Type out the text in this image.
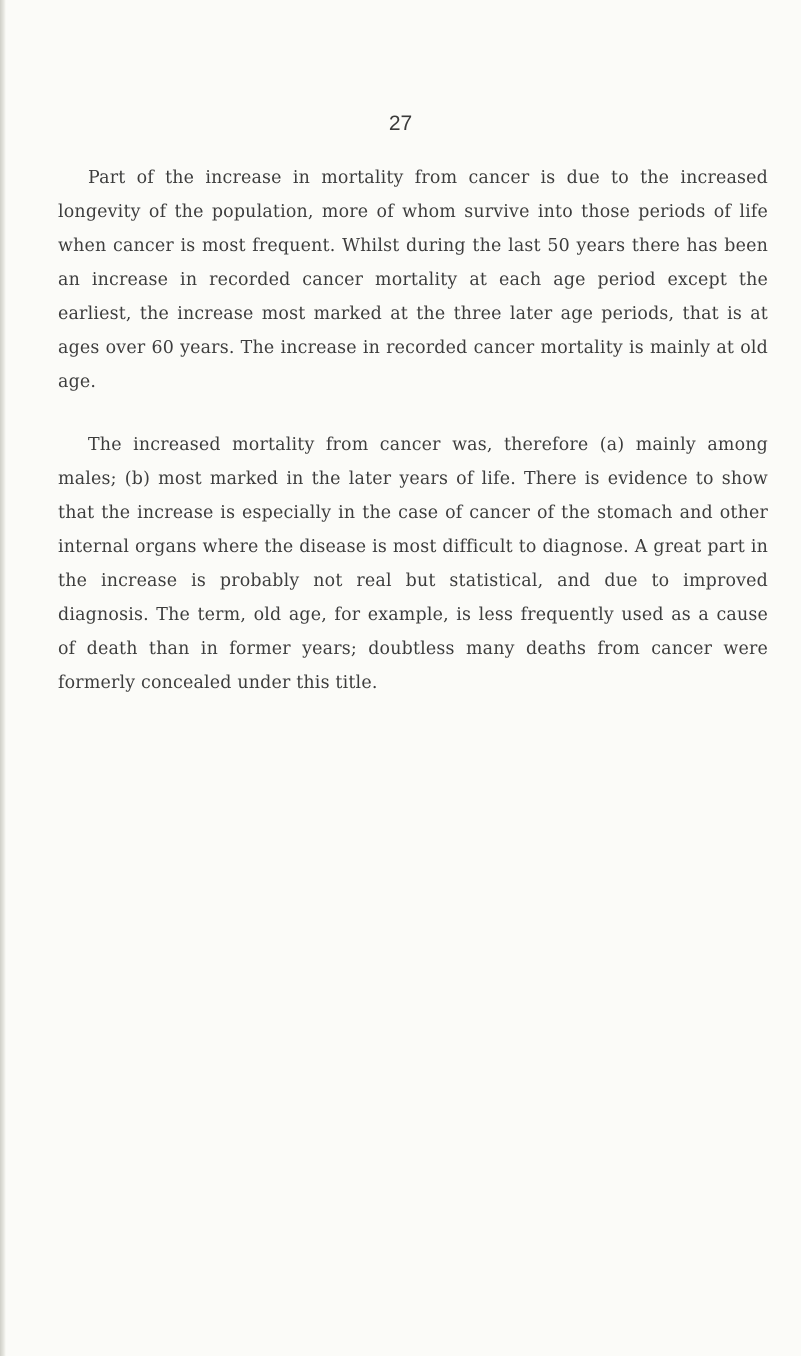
27

Part of the increase in mortality from cancer is due to the increased longevity of the population, more of whom survive into those periods of life when cancer is most frequent. Whilst during the last 50 years there has been an increase in recorded cancer mortality at each age period except the earliest, the increase most marked at the three later age periods, that is at ages over 60 years. The increase in recorded cancer mortality is mainly at old age.

The increased mortality from cancer was, therefore (a) mainly among males; (b) most marked in the later years of life. There is evidence to show that the increase is especially in the case of cancer of the stomach and other internal organs where the disease is most difficult to diagnose. A great part in the increase is probably not real but statistical, and due to improved diagnosis. The term, old age, for example, is less frequently used as a cause of death than in former years; doubtless many deaths from cancer were formerly concealed under this title.
